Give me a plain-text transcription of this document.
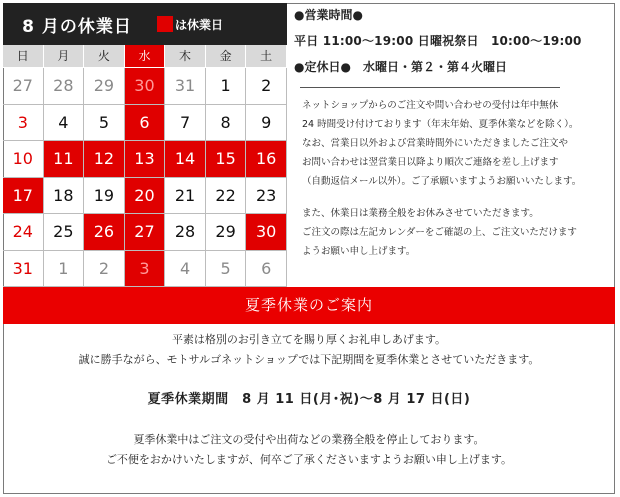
8 月の休業日	は休業日
日	月	火	水	木	金	土
27	28	29	30	31	1	2
3	4	5	6	7	8	9
10	11	12	13	14	15	16
17	18	19	20	21	22	23
24	25	26	27	28	29	30
31	1	2	3	4	5	6
●営業時間●
平日 11:00～19:00 日曜祝祭日　10:00～19:00
●定休日●　水曜日・第２・第４火曜日
ネットショップからのご注文や問い合わせの受付は年中無休
24 時間受け付けております（年末年始、夏季休業などを除く）。
なお、営業日以外および営業時間外にいただきましたご注文や
お問い合わせは翌営業日以降より順次ご連絡を差し上げます
（自動返信メール以外）。ご了承願いますようお願いいたします。
また、休業日は業務全般をお休みさせていただきます。
ご注文の際は左記カレンダーをご確認の上、ご注文いただけます
ようお願い申し上げます。
夏季休業のご案内

平素は格別のお引き立てを賜り厚くお礼申しあげます。

誠に勝手ながら、モトサルゴネットショップでは下記期間を夏季休業とさせていただきます。

夏季休業期間　8 月 11 日(月･祝)～8 月 17 日(日)

夏季休業中はご注文の受付や出荷などの業務全般を停止しております。

ご不便をおかけいたしますが、何卒ご了承くださいますようお願い申し上げます。
